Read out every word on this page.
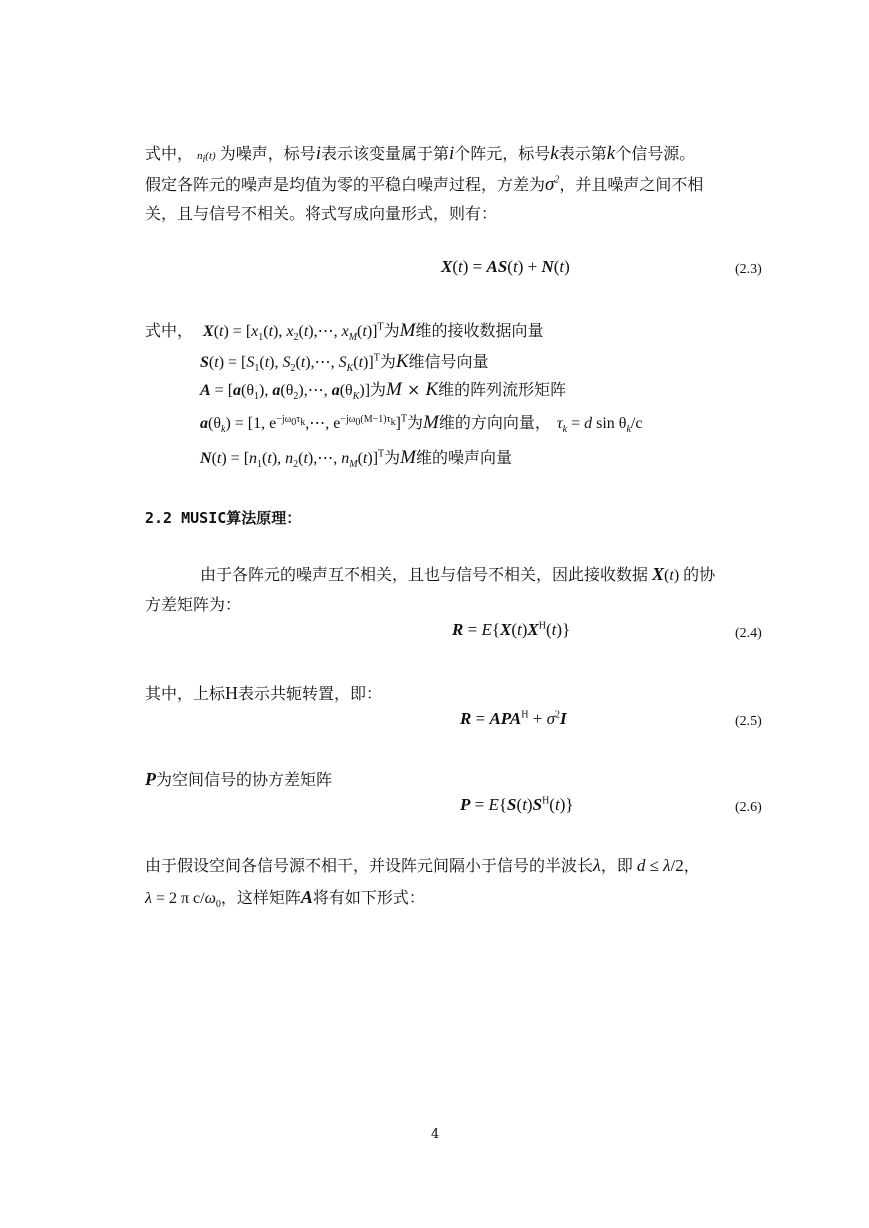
式中， $n_i(t)$ 为噪声，标号i表示该变量属于第i个阵元，标号k表示第k个信号源。
假定各阵元的噪声是均值为零的平稳白噪声过程，方差为$\sigma^2$，并且噪声之间不相
关，且与信号不相关。将式写成向量形式，则有：
X(t) = AS(t) + N(t)	(2.3)
式中， $X(t) = [x_1(t)$, $x_2(t),\cdots$, $x_M(t)]^T$为M维的接收数据向量
$S(t) = [S_1(t)$, $S_2(t),\cdots$, $S_K(t)]^T$为K维信号向量
$A = [a(\theta_1)$, $a(\theta_2),\cdots$, $a(\theta_K)$]为M × K维的阵列流形矩阵
$a(\theta_k) = [1$, $e^{-j\omega_0\tau_k},\cdots$, $e^{-j\omega_0(M-1)\tau_k}]^T$为M维的方向向量， $\tau_k = d$ $\sin \theta_k/c$
$N(t) = [n_1(t)$, $n_2(t),\cdots$, $n_M(t)]^T$为M维的噪声向量
2.2 MUSIC算法原理：
由于各阵元的噪声互不相关，且也与信号不相关，因此接收数据 X(t) 的协
方差矩阵为：
$R = E\{X(t)X^H(t)\}$	(2.4)
其中，上标H表示共轭转置，即：
$R = APA^H + \sigma^2I$	(2.5)
P为空间信号的协方差矩阵
$P = E\{S(t)S^H(t)\}$	(2.6)
由于假设空间各信号源不相干，并设阵元间隔小于信号的半波长λ，即 d ≤ λ/2，
λ = 2 π $c/\omega_0$，这样矩阵A将有如下形式：
4
